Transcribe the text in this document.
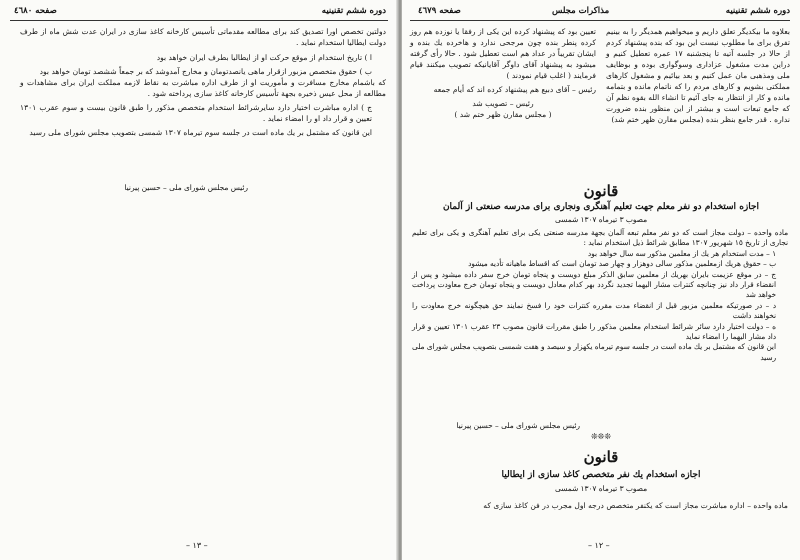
صفحه ٤٦٨٠	دوره ششم تقنينيه

دولتين تخصص اورا تصديق كند براى مطالعه مقدماتى تأسيس كارخانه كاغذ سازى در ايران عدت شش ماه از طرف دولت ايطاليا استخدام نمايد .

ا ) تاريخ استخدام از موقع حركت او از ايطاليا بطرف ايران خواهد بود

ب ) حقوق متخصص مزبور ازقرار ماهى يانصدتومان و مخارج آمدوشد كه بر جمعاً ششصد تومان خواهد بود

كه باشمام مخارج مسافرت و مأموريت او از طرف اداره مباشرت به نقاط لازمه مملكت ايران براى مشاهدات و مطالعه از محل عيس ذخيره بجهة تأسيس كارخانه كاغذ سازى پرداخته شود .

ج ) اداره مباشرت اختيار دارد سايرشرائط استخدام متخصص مذكور را طبق قانون بيست و سوم عقرب ١٣٠١ تعيين و قرار داد او را امضاء نمايد .

اين قانون كه مشتمل بر يك ماده است در جلسه سوم تيرماه ١٣٠٧ شمسى بتصويب مجلس شوراى ملى رسيد

رئيس مجلس شوراى ملى – حسين پيرنيا
– ١٣ –
دوره ششم تقنينيه
مذاكرات مجلس
صفحه ٤٦٧٩

بعلاوه ما بيكديگر تعلق داريم و ميخواهيم همديگر را به بينيم تفرق براى ما مطلوب نيست اين بود كه بنده پيشنهاد كردم از حالا در جلسه آتيه تا پنجشنبه ١٧ عمره تعطيل كنيم و دراين مدت مشغول عزادارى وسوگوارى بوده و بوظايف ملى ومذهبى مان عمل كنيم و بعد بيائيم و مشغول كارهاى مملكتى بشويم و كارهاى مردم را كه ناتمام مانده و بتمامه مانده و كار از انتظار به جاى آئيم تا انشاء الله بقوه نظم آن كه جامع تبعات است و بيشتر از اين منظور بنده ضرورت نداره . قدر جامع بنظر بنده (مجلس مقارن ظهر ختم شد)

تعيين بود كه پيشنهاد كرده اين يكى از رفقا يا نوزده هم روز كرده پنطر بنده چون مرجحى ندارد و هاخرده يك بنده و ايشان تقريباً در عداد هم است تعطيل شود . حالا رأى گرفته ميشود به پيشنهاد آقاى داوگر آقايانيكه تصويب ميكنند قيام فرمايند ( اغلب قيام نمودند )

رئيس – آقاى دبيع هم پيشنهاد كرده اند كه أيام جمعه

رئيس – تصويب شد

( مجلس مقارن ظهر ختم شد )

قانون
اجازه استخدام دو نفر معلم جهت تعليم آهنگرى ونجارى براى مدرسه صنعتى از آلمان
مصوب ٣ تيرماه ١٣٠٧ شمسى

ماده واحده – دولت مجاز است كه دو نفر معلم تبعه آلمان بجهة مدرسه صنعتى يكى براى تعليم آهنگرى و يكى براى تعليم نجارى از تاريخ ١٥ شهريور ١٣٠٧ مطابق شرائط ذيل استخدام نمايد :

١ – مدت استخدام هر يك از معلمين مذكور سه سال خواهد بود

ب – حقوق هريك ازمعلمين مذكور سالى دوهزار و چهار صد تومان است كه اقساط ماهيانه تأديه ميشود

ج – در موقع عزيمت بايران بهريك از معلمين سابق الذكر مبلغ دويست و پنجاه تومان خرج سفر داده ميشود و پس از انقضاء قرار داد نيز چنانچه كنترات مشار اليهما تجديد نگردد بهر كدام معادل دويست و پنجاه تومان خرج معاودت پرداخت خواهد شد

د – در صورتيكه معلمين مزبور قبل از انقضاء مدت مقرره كنترات خود را فسخ نمايند حق هيچگونه خرج معاودت را نخواهند داشت

ه – دولت اختيار دارد سائر شرائط استخدام معلمين مذكور را طبق مقررات قانون مصوب ٢٣ عقرب ١٣٠١ تعيين و قرار داد مشار اليهما را امضاء نمايد

اين قانون كه مشتمل بر يك ماده است در جلسه سوم تيرماه يكهزار و سيصد و هفت شمسى بتصويب مجلس شوراى ملى رسيد

رئيس مجلس شوراى ملى – حسين پيرنيا
❊❊❊
قانون
اجازه استخدام يك نفر متخصص كاغذ سازى از ايطاليا
مصوب ٣ تيرماه ١٣٠٧ شمسى

ماده واحده – اداره مباشرت مجاز است كه يكنفر متخصص درجه اول مجرب در فن كاغذ سازى كه

– ١٢ –
